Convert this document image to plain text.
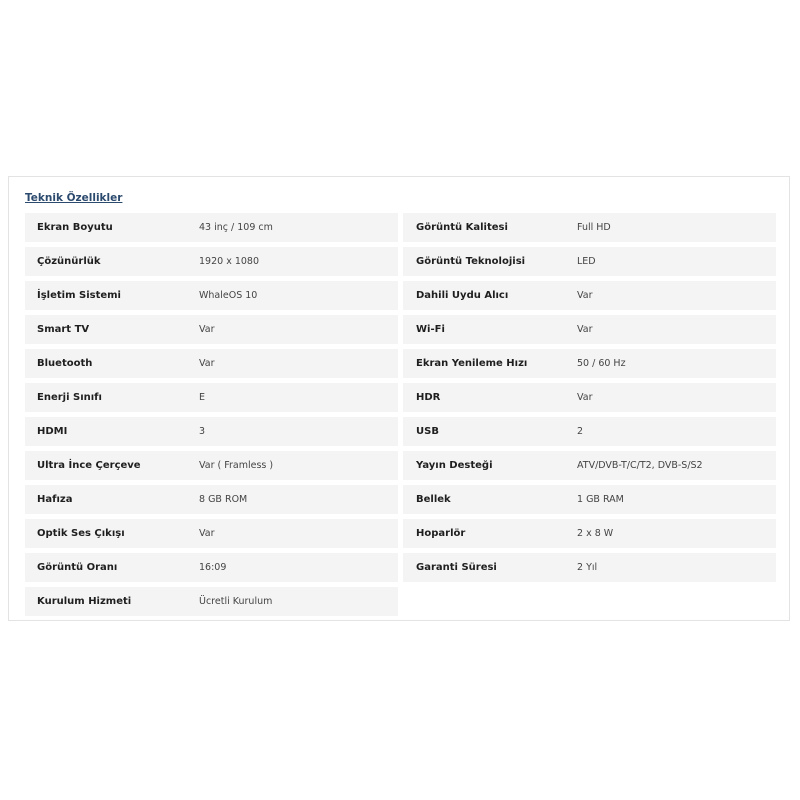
Teknik Özellikler
Ekran Boyutu	43 inç / 109 cm	Görüntü Kalitesi	Full HD
Çözünürlük	1920 x 1080	Görüntü Teknolojisi	LED
İşletim Sistemi	WhaleOS 10	Dahili Uydu Alıcı	Var
Smart TV	Var	Wi-Fi	Var
Bluetooth	Var	Ekran Yenileme Hızı	50 / 60 Hz
Enerji Sınıfı	E	HDR	Var
HDMI	3	USB	2
Ultra İnce Çerçeve	Var ( Framless )	Yayın Desteği	ATV/DVB-T/C/T2, DVB-S/S2
Hafıza	8 GB ROM	Bellek	1 GB RAM
Optik Ses Çıkışı	Var	Hoparlör	2 x 8 W
Görüntü Oranı	16:09	Garanti Süresi	2 Yıl
Kurulum Hizmeti	Ücretli Kurulum
